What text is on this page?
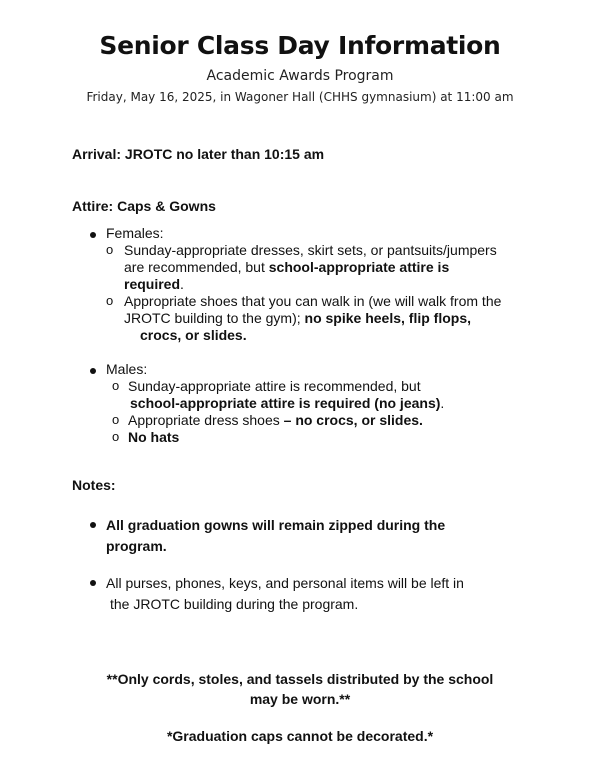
Senior Class Day Information
Academic Awards Program
Friday, May 16, 2025, in Wagoner Hall (CHHS gymnasium) at 11:00 am
Arrival: JROTC no later than 10:15 am
Attire: Caps & Gowns
Females:
o Sunday-appropriate dresses, skirt sets, or pantsuits/jumpers
are recommended, but school-appropriate attire is
required.
o Appropriate shoes that you can walk in (we will walk from the
JROTC building to the gym); no spike heels, flip flops,
crocs, or slides.
Males:
o Sunday-appropriate attire is recommended, but
school-appropriate attire is required (no jeans).
o Appropriate dress shoes – no crocs, or slides.
o No hats
Notes:
All graduation gowns will remain zipped during the
program.
All purses, phones, keys, and personal items will be left in
the JROTC building during the program.
**Only cords, stoles, and tassels distributed by the school
may be worn.**
*Graduation caps cannot be decorated.*
